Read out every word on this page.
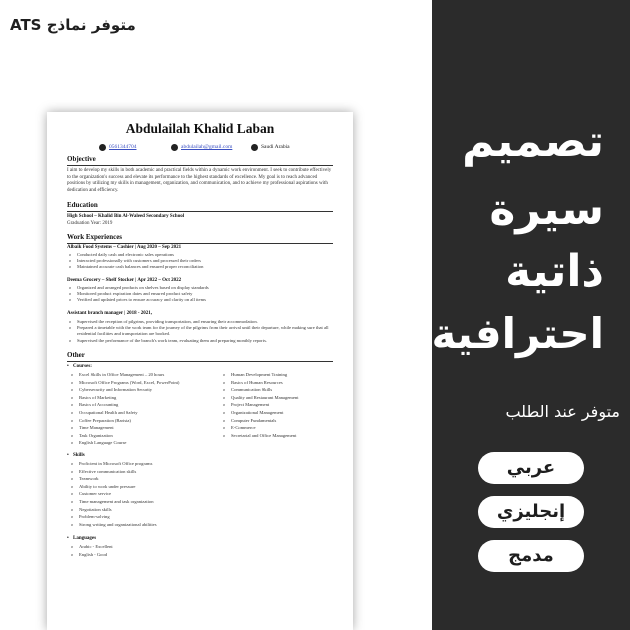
متوفر نماذج ATS
Abdulailah Khalid Laban
0561344704	abdulailah@gmail.com	Saudi Arabia
Objective
I aim to develop my skills in both academic and practical fields within a dynamic work environment. I seek to contribute effectively to the organization's success and elevate its performance to the highest standards of excellence. My goal is to reach advanced positions by utilizing my skills in management, organization, and communication, and to achieve my professional aspirations with dedication and efficiency.
Education
High School – Khalid Bin Al-Waleed Secondary School
Graduation Year: 2019
Work Experiences
Albaik Food Systems – Cashier | Aug 2020 – Sep 2021
o Conducted daily cash and electronic sales operations
o Interacted professionally with customers and processed their orders
o Maintained accurate cash balances and ensured proper reconciliation
Deema Grocery – Shelf Stocker | Apr 2022 – Oct 2022
o Organized and arranged products on shelves based on display standards
o Monitored product expiration dates and ensured product safety
o Verified and updated prices to ensure accuracy and clarity on all items
Assistant branch manager | 2018 - 2021,
o Supervised the reception of pilgrims, providing transportation, and ensuring their accommodation.
o Prepared a timetable with the work team for the journey of the pilgrims from their arrival until their departure, while making sure that all residential facilities and transportation are booked.
o Supervised the performance of the branch's work team, evaluating them and preparing monthly reports.
Other
• Courses:
o Excel Skills in Office Management – 20 hours
o Microsoft Office Programs (Word, Excel, PowerPoint)
o Cybersecurity and Information Security
o Basics of Marketing
o Basics of Accounting
o Occupational Health and Safety
o Coffee Preparation (Barista)
o Time Management
o Task Organization
o English Language Course
o Human Development Training
o Basics of Human Resources
o Communication Skills
o Quality and Restaurant Management
o Project Management
o Organizational Management
o Computer Fundamentals
o E-Commerce
o Secretarial and Office Management
• Skills
o Proficient in Microsoft Office programs
o Effective communication skills
o Teamwork
o Ability to work under pressure
o Customer service
o Time management and task organization
o Negotiation skills
o Problem-solving
o Strong writing and organizational abilities
• Languages
o Arabic - Excellent
o English - Good
تصميم
سيرة
ذاتية
احترافية
متوفر عند الطلب
عربي
إنجليزي
مدمج
